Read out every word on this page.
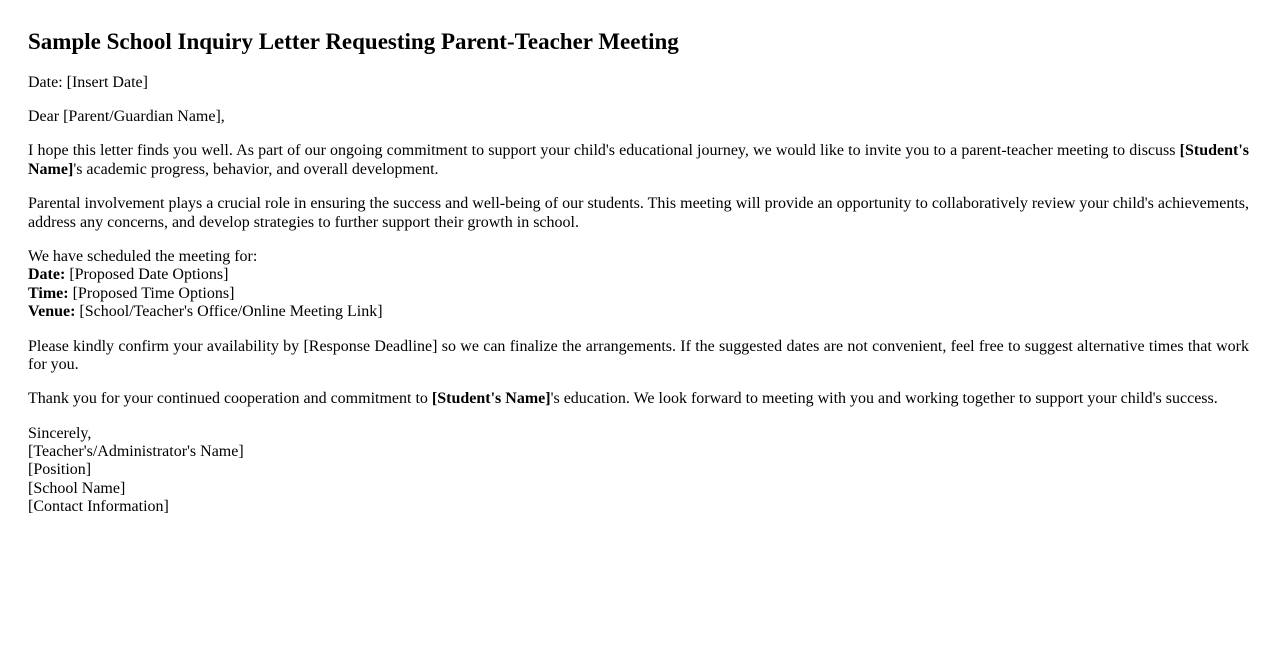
Sample School Inquiry Letter Requesting Parent-Teacher Meeting

Date: [Insert Date]

Dear [Parent/Guardian Name],

I hope this letter finds you well. As part of our ongoing commitment to support your child's educational journey, we would like to invite you to a parent-teacher meeting to discuss [Student's Name]'s academic progress, behavior, and overall development.

Parental involvement plays a crucial role in ensuring the success and well-being of our students. This meeting will provide an opportunity to collaboratively review your child's achievements, address any concerns, and develop strategies to further support their growth in school.

We have scheduled the meeting for:
Date: [Proposed Date Options]
Time: [Proposed Time Options]
Venue: [School/Teacher's Office/Online Meeting Link]

Please kindly confirm your availability by [Response Deadline] so we can finalize the arrangements. If the suggested dates are not convenient, feel free to suggest alternative times that work for you.

Thank you for your continued cooperation and commitment to [Student's Name]'s education. We look forward to meeting with you and working together to support your child's success.

Sincerely,
[Teacher's/Administrator's Name]
[Position]
[School Name]
[Contact Information]
